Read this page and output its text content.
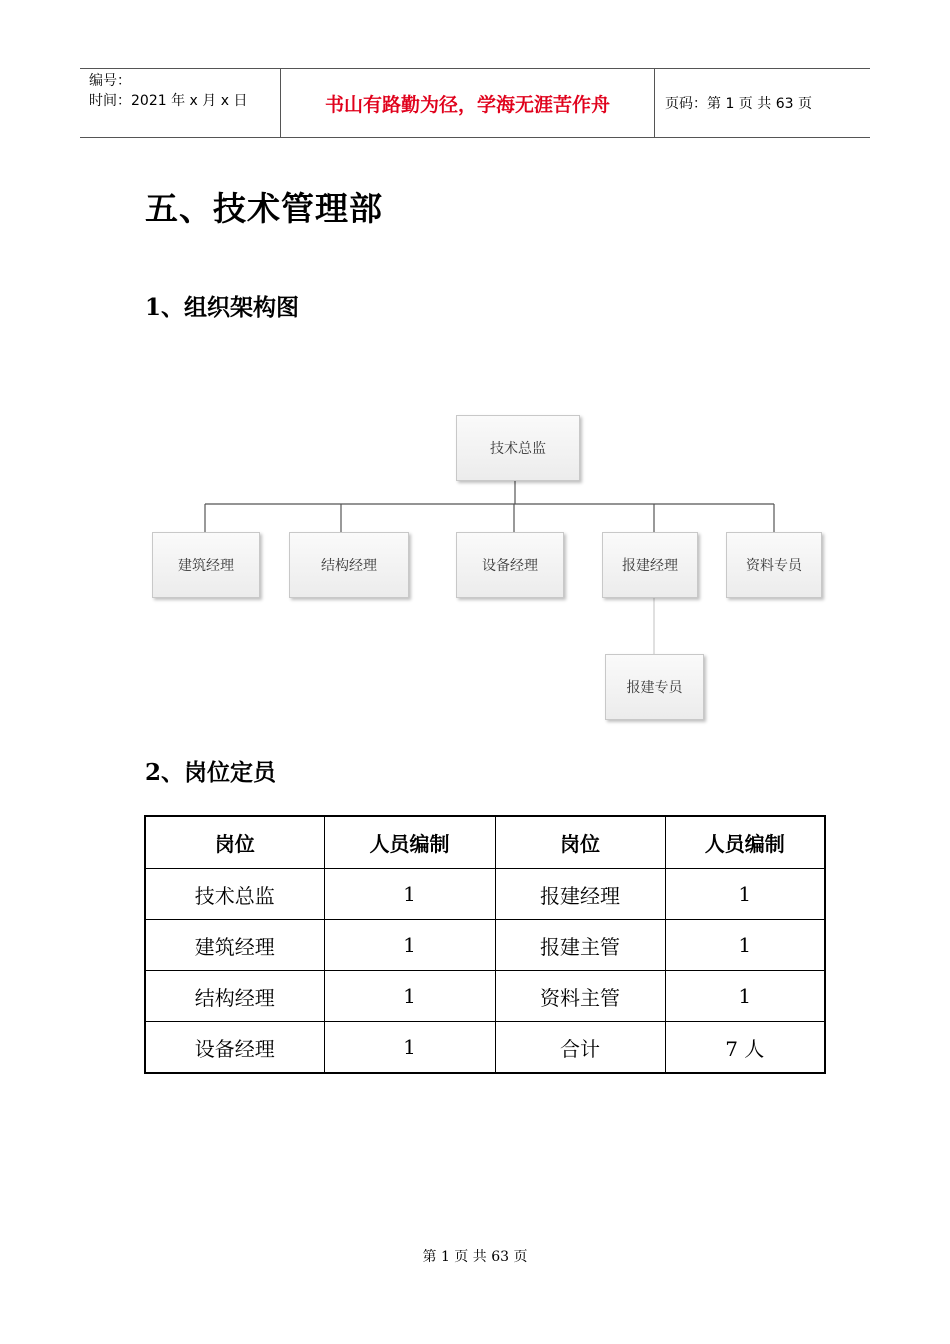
编号：
时间：2021 年 x 月 x 日	书山有路勤为径，学海无涯苦作舟	页码：第 1 页 共 63 页
五、技术管理部
1、组织架构图
技术总监
建筑经理	结构经理	设备经理	报建经理	资料专员
报建专员
2、岗位定员
岗位	人员编制	岗位	人员编制
技术总监	1	报建经理	1
建筑经理	1	报建主管	1
结构经理	1	资料主管	1
设备经理	1	合计	7 人
第 1 页 共 63 页
